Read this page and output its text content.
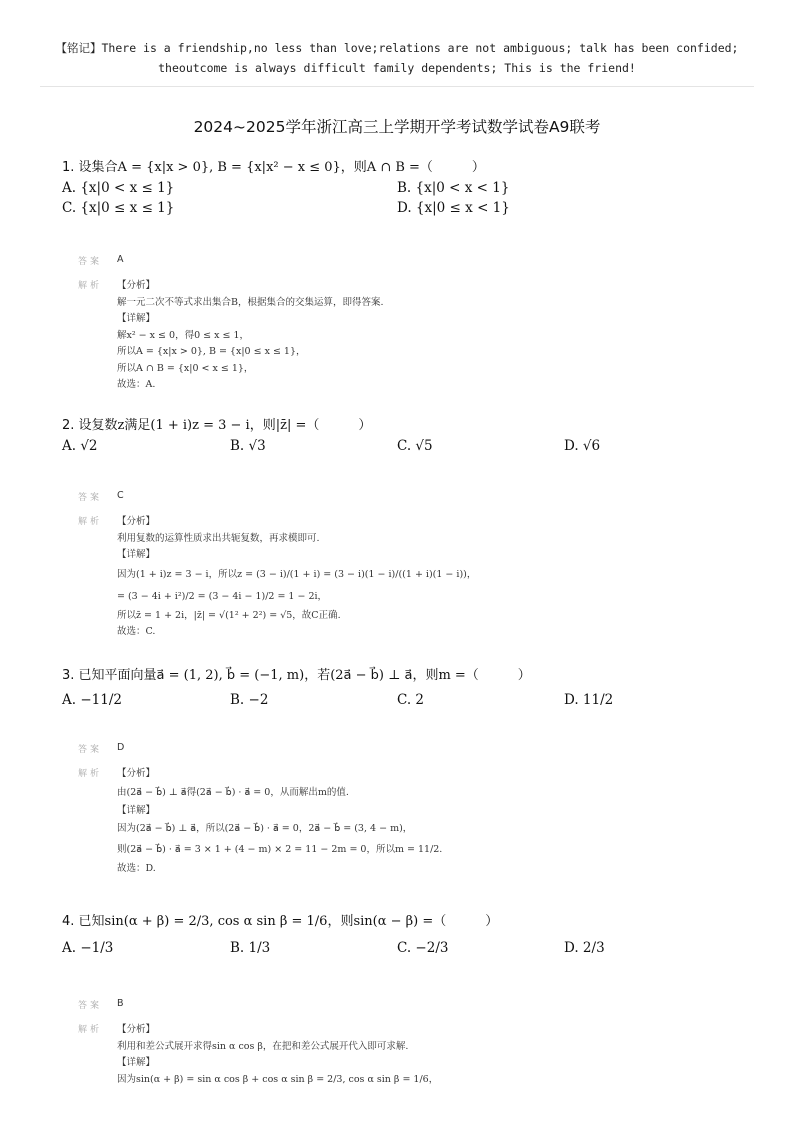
【铭记】There is a friendship,no less than love;relations are not ambiguous; talk has been confided;
theoutcome is always difficult family dependents; This is the friend!
2024~2025学年浙江高三上学期开学考试数学试卷A9联考
1. 设集合A = {x|x > 0}, B = {x|x² − x ≤ 0}，则A ∩ B =（　　　）
A. {x|0 < x ≤ 1}	B. {x|0 < x < 1}
C. {x|0 ≤ x ≤ 1}	D. {x|0 ≤ x < 1}
答案 A
解析 【分析】
解一元二次不等式求出集合B，根据集合的交集运算，即得答案.
【详解】
解x² − x ≤ 0，得0 ≤ x ≤ 1，
所以A = {x|x > 0}, B = {x|0 ≤ x ≤ 1}，
所以A ∩ B = {x|0 < x ≤ 1}，
故选：A.
2. 设复数z满足(1 + i)z = 3 − i，则|z̄| =（　　　）
A. √2	B. √3	C. √5	D. √6
答案 C
解析 【分析】
利用复数的运算性质求出共轭复数，再求模即可.
【详解】
因为(1 + i)z = 3 − i，所以z = (3 − i)/(1 + i) = (3 − i)(1 − i)/((1 + i)(1 − i))，
= (3 − 4i + i²)/2 = (3 − 4i − 1)/2 = 1 − 2i，
所以z̄ = 1 + 2i，|z̄| = √(1² + 2²) = √5，故C正确.
故选：C.
3. 已知平面向量a⃗ = (1, 2), b⃗ = (−1, m)，若(2a⃗ − b⃗) ⊥ a⃗，则m =（　　　）
A. −11/2	B. −2	C. 2	D. 11/2
答案 D
解析 【分析】
由(2a⃗ − b⃗) ⊥ a⃗得(2a⃗ − b⃗) · a⃗ = 0，从而解出m的值.
【详解】
因为(2a⃗ − b⃗) ⊥ a⃗，所以(2a⃗ − b⃗) · a⃗ = 0，2a⃗ − b⃗ = (3, 4 − m)，
则(2a⃗ − b⃗) · a⃗ = 3 × 1 + (4 − m) × 2 = 11 − 2m = 0，所以m = 11/2.
故选：D.
4. 已知sin(α + β) = 2/3, cos α sin β = 1/6，则sin(α − β) =（　　　）
A. −1/3	B. 1/3	C. −2/3	D. 2/3
答案 B
解析 【分析】
利用和差公式展开求得sin α cos β，在把和差公式展开代入即可求解.
【详解】
因为sin(α + β) = sin α cos β + cos α sin β = 2/3, cos α sin β = 1/6，
